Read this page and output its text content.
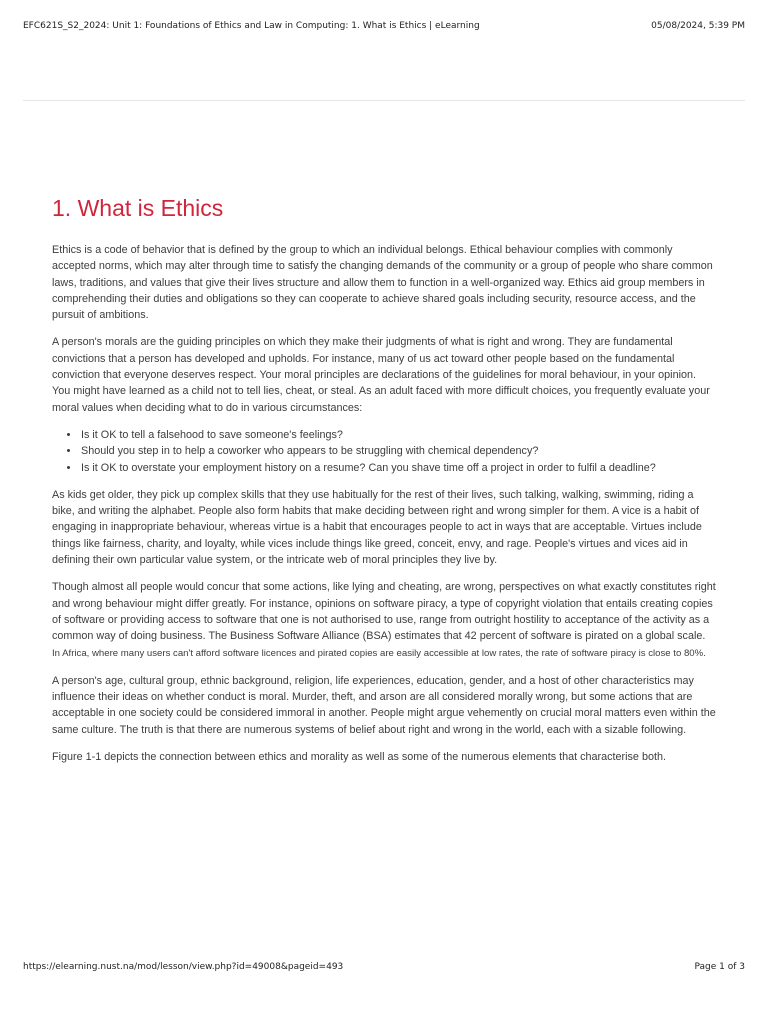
EFC621S_S2_2024: Unit 1: Foundations of Ethics and Law in Computing: 1. What is Ethics | eLearning	05/08/2024, 5:39 PM
1. What is Ethics

Ethics is a code of behavior that is defined by the group to which an individual belongs. Ethical behaviour complies with commonly accepted norms, which may alter through time to satisfy the changing demands of the community or a group of people who share common laws, traditions, and values that give their lives structure and allow them to function in a well-organized way. Ethics aid group members in comprehending their duties and obligations so they can cooperate to achieve shared goals including security, resource access, and the pursuit of ambitions.

A person's morals are the guiding principles on which they make their judgments of what is right and wrong. They are fundamental convictions that a person has developed and upholds. For instance, many of us act toward other people based on the fundamental conviction that everyone deserves respect. Your moral principles are declarations of the guidelines for moral behaviour, in your opinion. You might have learned as a child not to tell lies, cheat, or steal. As an adult faced with more difficult choices, you frequently evaluate your moral values when deciding what to do in various circumstances:

• Is it OK to tell a falsehood to save someone's feelings?
• Should you step in to help a coworker who appears to be struggling with chemical dependency?
• Is it OK to overstate your employment history on a resume? Can you shave time off a project in order to fulfil a deadline?

As kids get older, they pick up complex skills that they use habitually for the rest of their lives, such talking, walking, swimming, riding a bike, and writing the alphabet. People also form habits that make deciding between right and wrong simpler for them. A vice is a habit of engaging in inappropriate behaviour, whereas virtue is a habit that encourages people to act in ways that are acceptable. Virtues include things like fairness, charity, and loyalty, while vices include things like greed, conceit, envy, and rage. People's virtues and vices aid in defining their own particular value system, or the intricate web of moral principles they live by.

Though almost all people would concur that some actions, like lying and cheating, are wrong, perspectives on what exactly constitutes right and wrong behaviour might differ greatly. For instance, opinions on software piracy, a type of copyright violation that entails creating copies of software or providing access to software that one is not authorised to use, range from outright hostility to acceptance of the activity as a common way of doing business. The Business Software Alliance (BSA) estimates that 42 percent of software is pirated on a global scale. In Africa, where many users can't afford software licences and pirated copies are easily accessible at low rates, the rate of software piracy is close to 80%.

A person's age, cultural group, ethnic background, religion, life experiences, education, gender, and a host of other characteristics may influence their ideas on whether conduct is moral. Murder, theft, and arson are all considered morally wrong, but some actions that are acceptable in one society could be considered immoral in another. People might argue vehemently on crucial moral matters even within the same culture. The truth is that there are numerous systems of belief about right and wrong in the world, each with a sizable following.

Figure 1-1 depicts the connection between ethics and morality as well as some of the numerous elements that characterise both.

https://elearning.nust.na/mod/lesson/view.php?id=49008&pageid=493	Page 1 of 3
